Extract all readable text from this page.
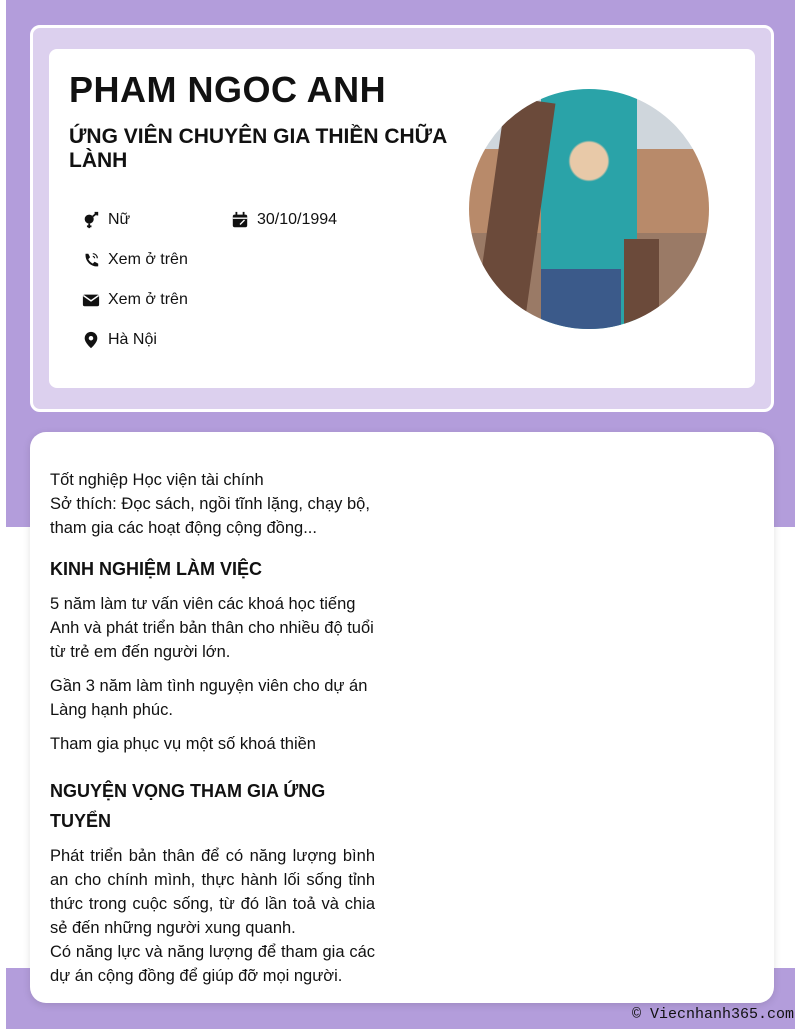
PHAM NGOC ANH
ỨNG VIÊN CHUYÊN GIA THIỀN CHỮA LÀNH
Nữ	30/10/1994
Xem ở trên
Xem ở trên
Hà Nội
Tốt nghiệp Học viện tài chính

Sở thích: Đọc sách, ngồi tĩnh lặng, chạy bộ, tham gia các hoạt động cộng đồng...

KINH NGHIỆM LÀM VIỆC

5 năm làm tư vấn viên các khoá học tiếng Anh và phát triển bản thân cho nhiều độ tuổi từ trẻ em đến người lớn.

Gần 3 năm làm tình nguyện viên cho dự án Làng hạnh phúc.

Tham gia phục vụ một số khoá thiền

NGUYỆN VỌNG THAM GIA ỨNG TUYỂN
Phát triển bản thân để có năng lượng bình an cho chính mình, thực hành lối sống tỉnh thức trong cuộc sống, từ đó lần toả và chia sẻ đến những người xung quanh.
Có năng lực và năng lượng để tham gia các dự án cộng đồng để giúp đỡ mọi người.
© Viecnhanh365.com
